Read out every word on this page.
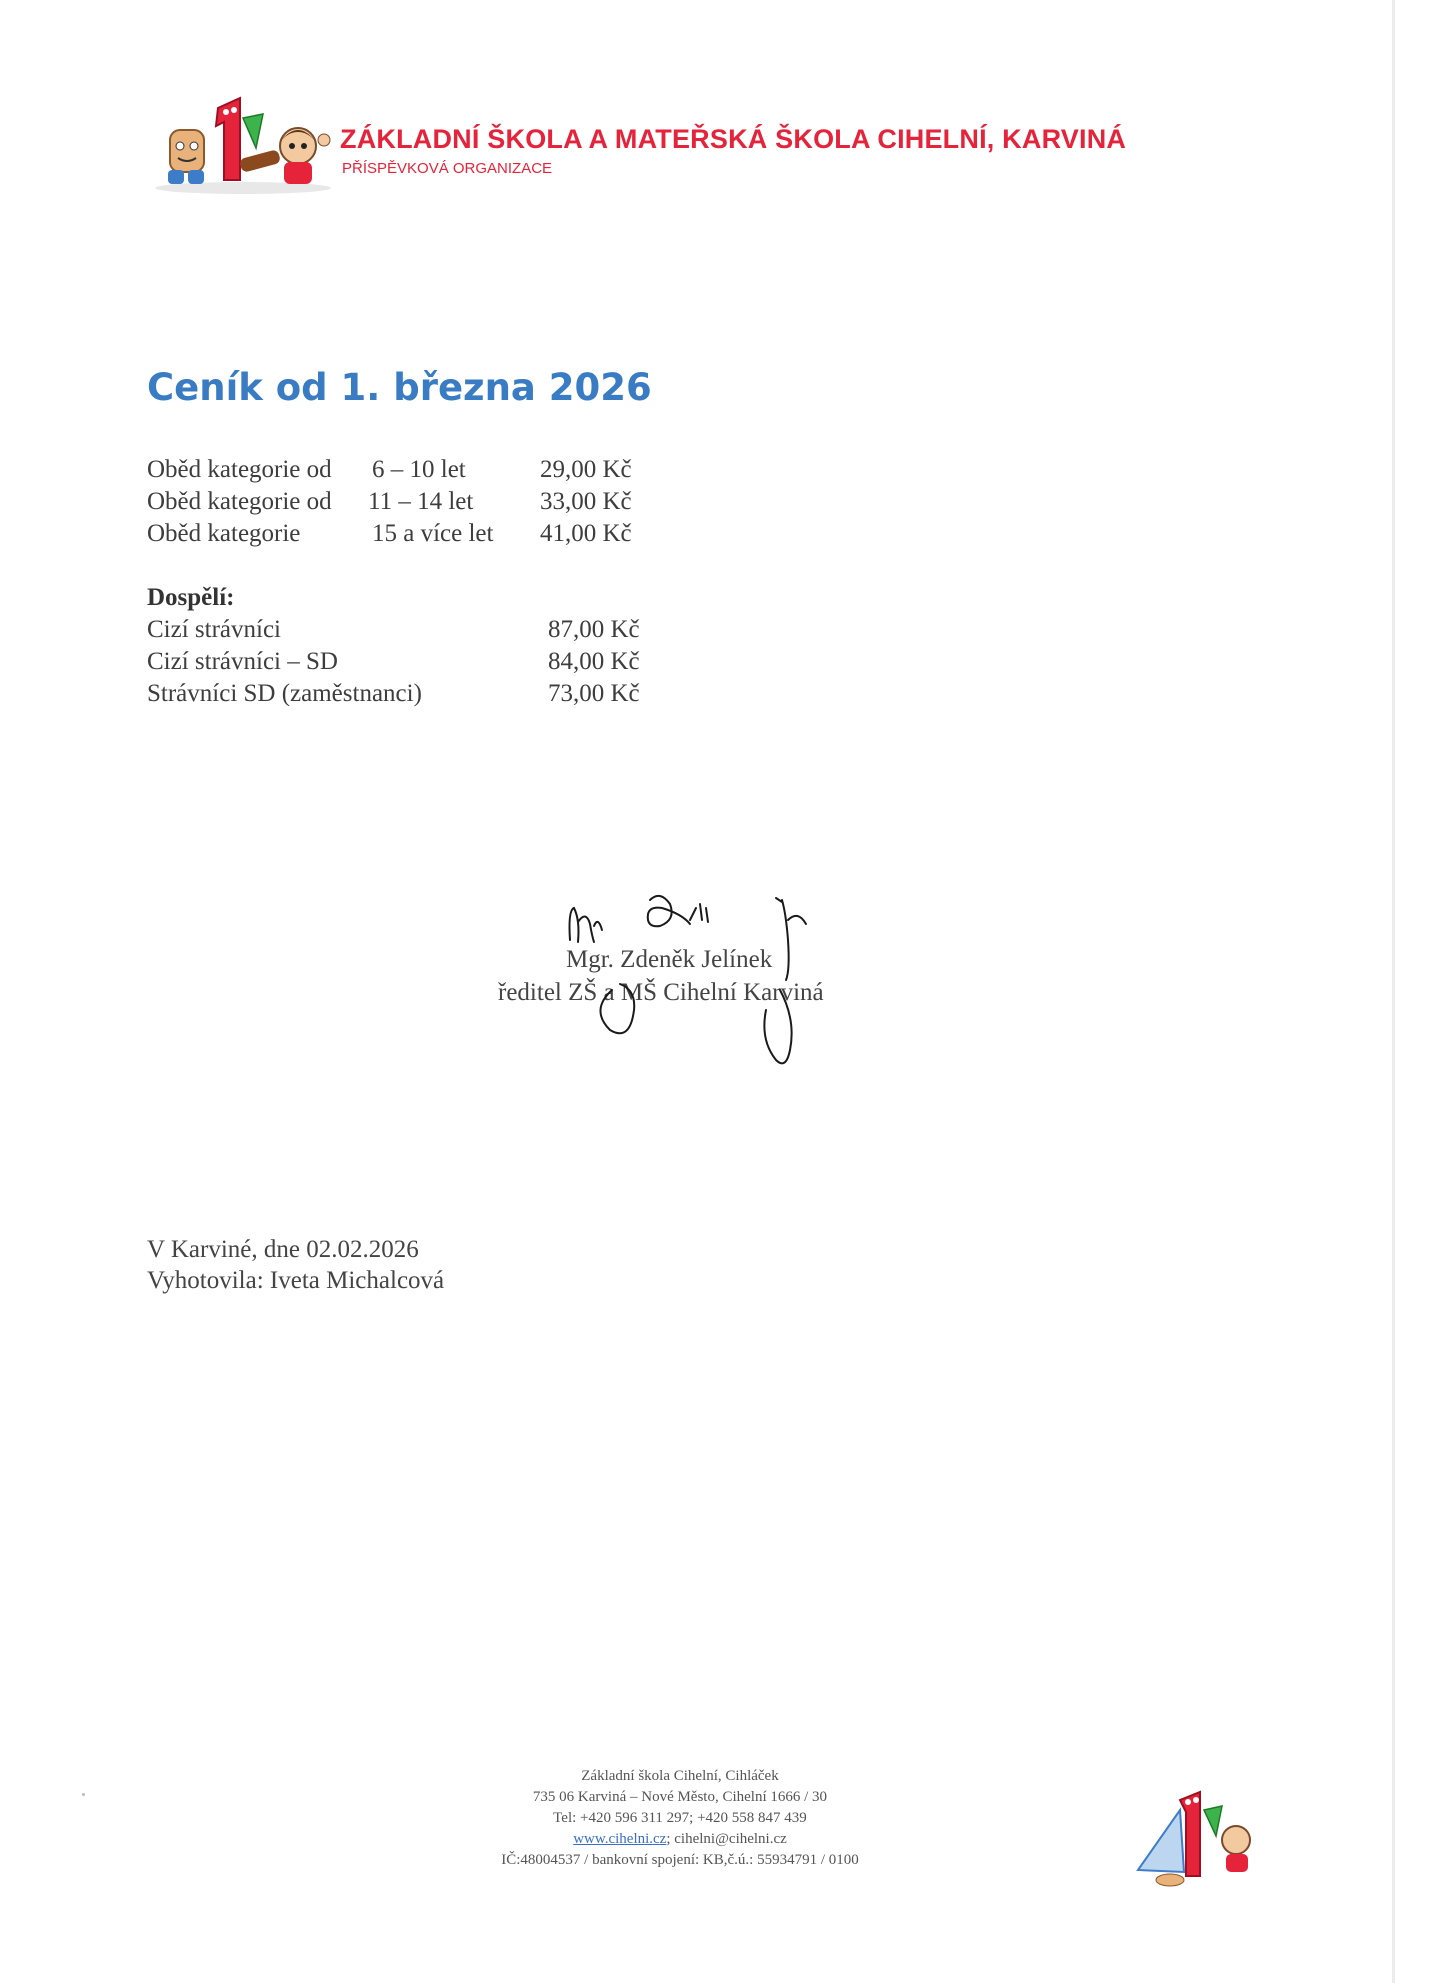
ZÁKLADNÍ ŠKOLA A MATEŘSKÁ ŠKOLA CIHELNÍ, KARVINÁ
PŘÍSPĚVKOVÁ ORGANIZACE
Ceník od 1. března 2026
Oběd kategorie od 6 – 10 let	29,00 Kč
Oběd kategorie od 11 – 14 let	33,00 Kč
Oběd kategorie	15 a více let 41,00 Kč
Dospělí:
Cizí strávníci	87,00 Kč
Cizí strávníci – SD	84,00 Kč
Strávníci SD (zaměstnanci)	73,00 Kč
Mgr. Zdeněk Jelínek
ředitel ZŠ a MŠ Cihelní Karviná
V Karviné, dne 02.02.2026
Vyhotovila: Iveta Michalcová
Základní škola Cihelní, Cihláček
735 06 Karviná – Nové Město, Cihelní 1666 / 30
Tel: +420 596 311 297; +420 558 847 439
www.cihelni.cz; cihelni@cihelni.cz
IČ:48004537 / bankovní spojení: KB,č.ú.: 55934791 / 0100
